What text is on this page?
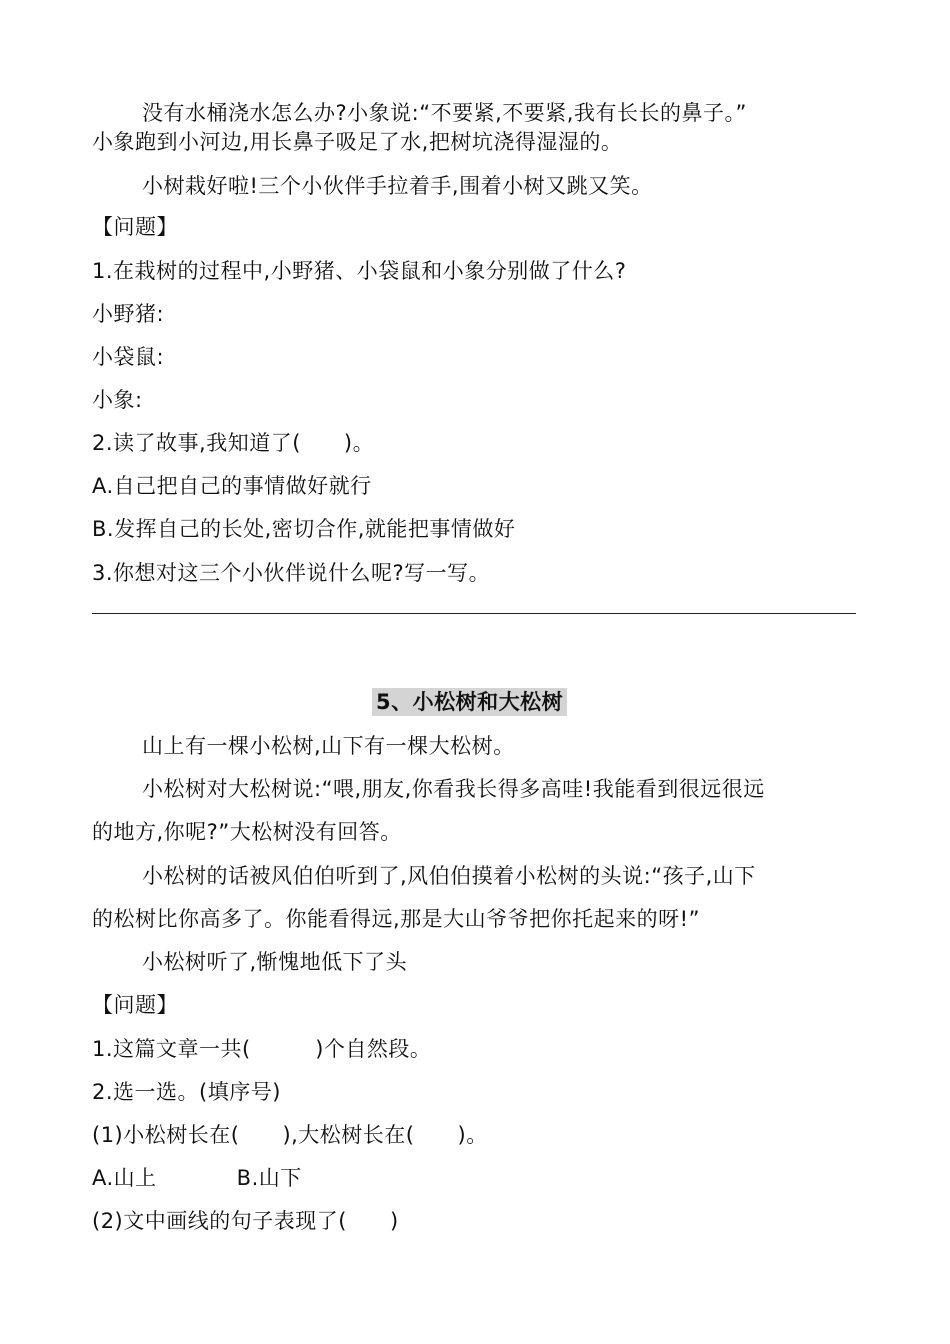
没有水桶浇水怎么办?小象说:“不要紧,不要紧,我有长长的鼻子。”
小象跑到小河边,用长鼻子吸足了水,把树坑浇得湿湿的。
小树栽好啦!三个小伙伴手拉着手,围着小树又跳又笑。
【问题】
1.在栽树的过程中,小野猪、小袋鼠和小象分别做了什么?
小野猪:
小袋鼠:
小象:
2.读了故事,我知道了(　　)。
A.自己把自己的事情做好就行
B.发挥自己的长处,密切合作,就能把事情做好
3.你想对这三个小伙伴说什么呢?写一写。
5、小松树和大松树
山上有一棵小松树,山下有一棵大松树。
小松树对大松树说:“喂,朋友,你看我长得多高哇!我能看到很远很远
的地方,你呢?”大松树没有回答。
小松树的话被风伯伯听到了,风伯伯摸着小松树的头说:“孩子,山下
的松树比你高多了。你能看得远,那是大山爷爷把你托起来的呀!”
小松树听了,惭愧地低下了头
【问题】
1.这篇文章一共(　　　)个自然段。
2.选一选。(填序号)
(1)小松树长在(　　),大松树长在(　　)。
A.山上	B.山下
(2)文中画线的句子表现了(　　)
